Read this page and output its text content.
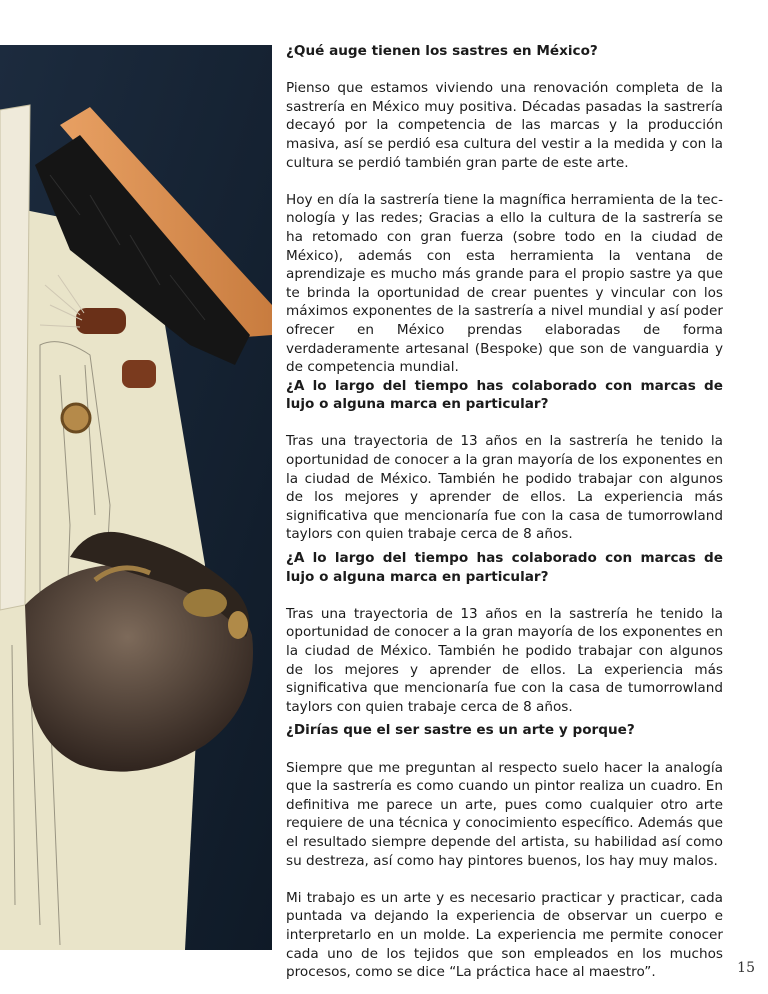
¿Qué auge tienen los sastres en México?

Pienso que estamos viviendo una renovación completa de la sastrería en México muy positiva. Décadas pasadas la sastrería decayó por la competencia de las marcas y la producción masiva, así se perdió esa cultura del vestir a la medida y con la cultura se perdió también gran parte de este arte.

Hoy en día la sastrería tiene la magnífica herramienta de la tecnología y las redes; Gracias a ello la cultura de la sastrería se ha retomado con gran fuerza (sobre todo en la ciudad de México), además con esta herramienta la ventana de aprendizaje es mucho más grande para el propio sastre ya que te brinda la oportunidad de crear puentes y vincular con los máximos exponentes de la sastrería a nivel mundial y así poder ofrecer en México prendas elaboradas de forma verdaderamente artesanal (Bespoke) que son de vanguardia y de competencia mundial.

¿A lo largo del tiempo has colaborado con marcas de lujo o alguna marca en particular?

Tras una trayectoria de 13 años en la sastrería he tenido la oportunidad de conocer a la gran mayoría de los exponentes en la ciudad de México. También he podido trabajar con algunos de los mejores y aprender de ellos. La experiencia más significativa que mencionaría fue con la casa de tumorrowland taylors con quien trabaje cerca de 8 años.

¿A lo largo del tiempo has colaborado con marcas de lujo o alguna marca en particular?

Tras una trayectoria de 13 años en la sastrería he tenido la oportunidad de conocer a la gran mayoría de los exponentes en la ciudad de México. También he podido trabajar con algunos de los mejores y aprender de ellos. La experiencia más significativa que mencionaría fue con la casa de tumorrowland taylors con quien trabaje cerca de 8 años.

¿Dirías que el ser sastre es un arte y porque?

Siempre que me preguntan al respecto suelo hacer la analogía que la sastrería es como cuando un pintor realiza un cuadro. En definitiva me parece un arte, pues como cualquier otro arte requiere de una técnica y conocimiento específico. Además que el resultado siempre depende del artista, su habilidad así como su destreza, así como hay pintores buenos, los hay muy malos.

Mi trabajo es un arte y es necesario practicar y practicar, cada puntada va dejando la experiencia de observar un cuerpo e interpretarlo en un molde. La experiencia me permite conocer cada uno de los tejidos que son empleados en los muchos procesos, como se dice “La práctica hace al maestro”.	15
